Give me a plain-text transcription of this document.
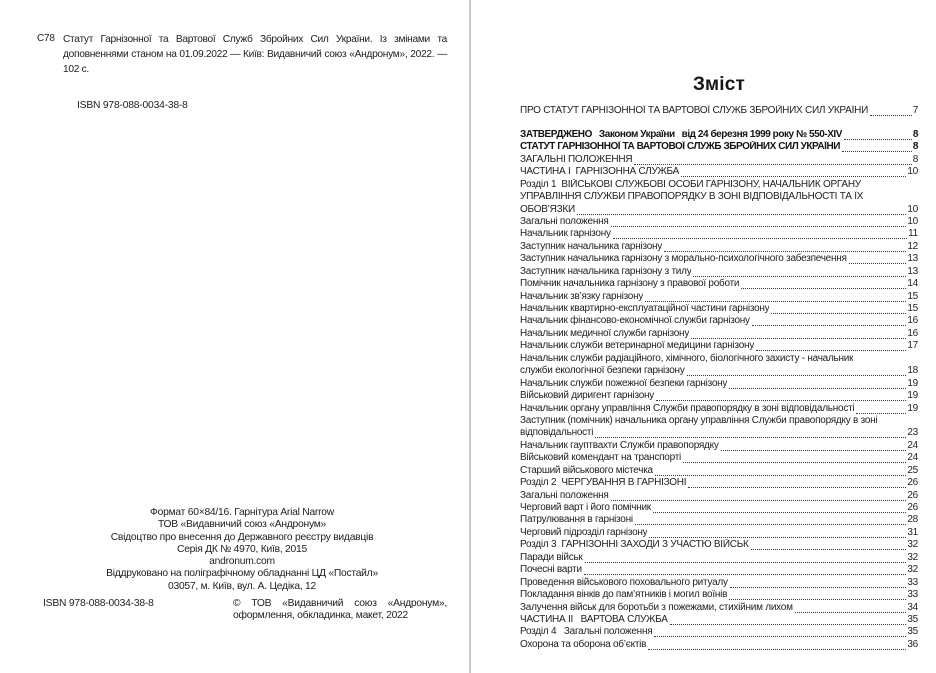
С78 Статут Гарнізонної та Вартової Служб Збройних Сил України. Із змінами та доповненнями станом на 01.09.2022 — Київ: Видавничий союз «Андронум», 2022. — 102 с.

ISBN 978-088-0034-38-8
Формат 60×84/16. Гарнітура Arial Narrow
ТОВ «Видавничий союз «Андронум»
Свідоцтво про внесення до Державного реєстру видавців
Серія ДК № 4970, Київ, 2015
andronum.com
Віддруковано на поліграфічному обладнанні ЦД «Постайл»
03057, м. Київ, вул. А. Цедіка, 12
ISBN 978-088-0034-38-8	© ТОВ «Видавничий союз «Андронум», оформлення, обкладинка, макет, 2022
Зміст
ПРО СТАТУТ ГАРНІЗОННОЇ ТА ВАРТОВОЇ СЛУЖБ ЗБРОЙНИХ СИЛ УКРАЇНИ	7
ЗАТВЕРДЖЕНО   Законом України   від 24 березня 1999 року № 550-XIV	8
СТАТУТ ГАРНІЗОННОЇ ТА ВАРТОВОЇ СЛУЖБ ЗБРОЙНИХ СИЛ УКРАЇНИ	8
ЗАГАЛЬНІ ПОЛОЖЕННЯ	8
ЧАСТИНА І  ГАРНІЗОННА СЛУЖБА	10
Розділ 1  ВІЙСЬКОВІ СЛУЖБОВІ ОСОБИ ГАРНІЗОНУ, НАЧАЛЬНИК ОРГАНУ
УПРАВЛІННЯ СЛУЖБИ ПРАВОПОРЯДКУ В ЗОНІ ВІДПОВІДАЛЬНОСТІ ТА ЇХ
ОБОВ’ЯЗКИ	10
Загальні положення	10
Начальник гарнізону	11
Заступник начальника гарнізону	12
Заступник начальника гарнізону з морально-психологічного забезпечення	13
Заступник начальника гарнізону з тилу	13
Помічник начальника гарнізону з правової роботи	14
Начальник зв’язку гарнізону	15
Начальник квартирно-експлуатаційної частини гарнізону	15
Начальник фінансово-економічної служби гарнізону	16
Начальник медичної служби гарнізону	16
Начальник служби ветеринарної медицини гарнізону	17
Начальник служби радіаційного, хімічного, біологічного захисту - начальник
служби екологічної безпеки гарнізону	18
Начальник служби пожежної безпеки гарнізону	19
Військовий диригент гарнізону	19
Начальник органу управління Служби правопорядку в зоні відповідальності	19
Заступник (помічник) начальника органу управління Служби правопорядку в зоні
відповідальності	23
Начальник гауптвахти Служби правопорядку	24
Військовий комендант на транспорті	24
Старший військового містечка	25
Розділ 2  ЧЕРГУВАННЯ В ГАРНІЗОНІ	26
Загальні положення	26
Черговий варт і його помічник	26
Патрулювання в гарнізоні	28
Черговий підрозділ гарнізону	31
Розділ 3  ГАРНІЗОННІ ЗАХОДИ З УЧАСТЮ ВІЙСЬК	32
Паради військ	32
Почесні варти	32
Проведення військового поховального ритуалу	33
Покладання вінків до пам’ятників і могил воїнів	33
Залучення військ для боротьби з пожежами, стихійним лихом	34
ЧАСТИНА ІІ   ВАРТОВА СЛУЖБА	35
Розділ 4   Загальні положення	35
Охорона та оборона об’єктів	36
